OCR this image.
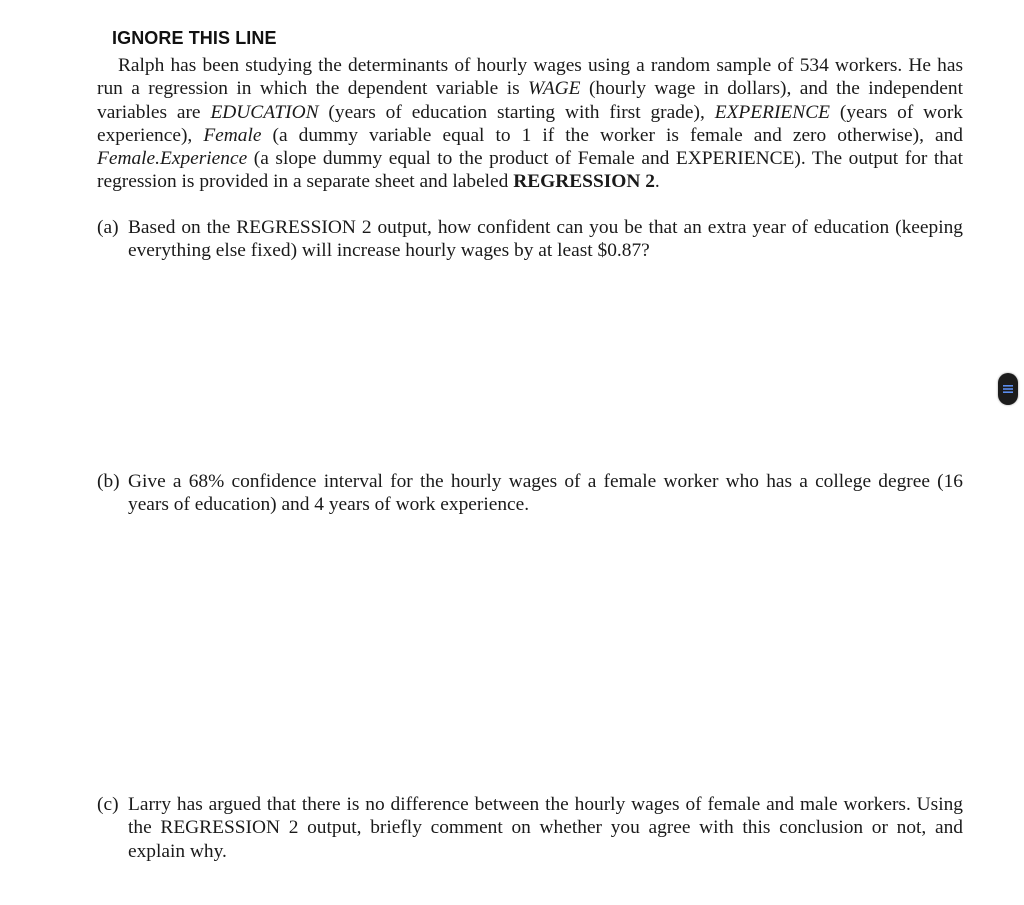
IGNORE THIS LINE
Ralph has been studying the determinants of hourly wages using a random sample of 534 workers. He has run a regression in which the dependent variable is WAGE (hourly wage in dollars), and the independent variables are EDUCATION (years of education starting with first grade), EXPERIENCE (years of work experience), Female (a dummy variable equal to 1 if the worker is female and zero otherwise), and Female.Experience (a slope dummy equal to the product of Female and EXPERIENCE). The output for that regression is provided in a separate sheet and labeled REGRESSION 2.
(a) Based on the REGRESSION 2 output, how confident can you be that an extra year of education (keeping everything else fixed) will increase hourly wages by at least $0.87?
(b) Give a 68% confidence interval for the hourly wages of a female worker who has a college degree (16 years of education) and 4 years of work experience.
(c) Larry has argued that there is no difference between the hourly wages of female and male workers. Using the REGRESSION 2 output, briefly comment on whether you agree with this conclusion or not, and explain why.
